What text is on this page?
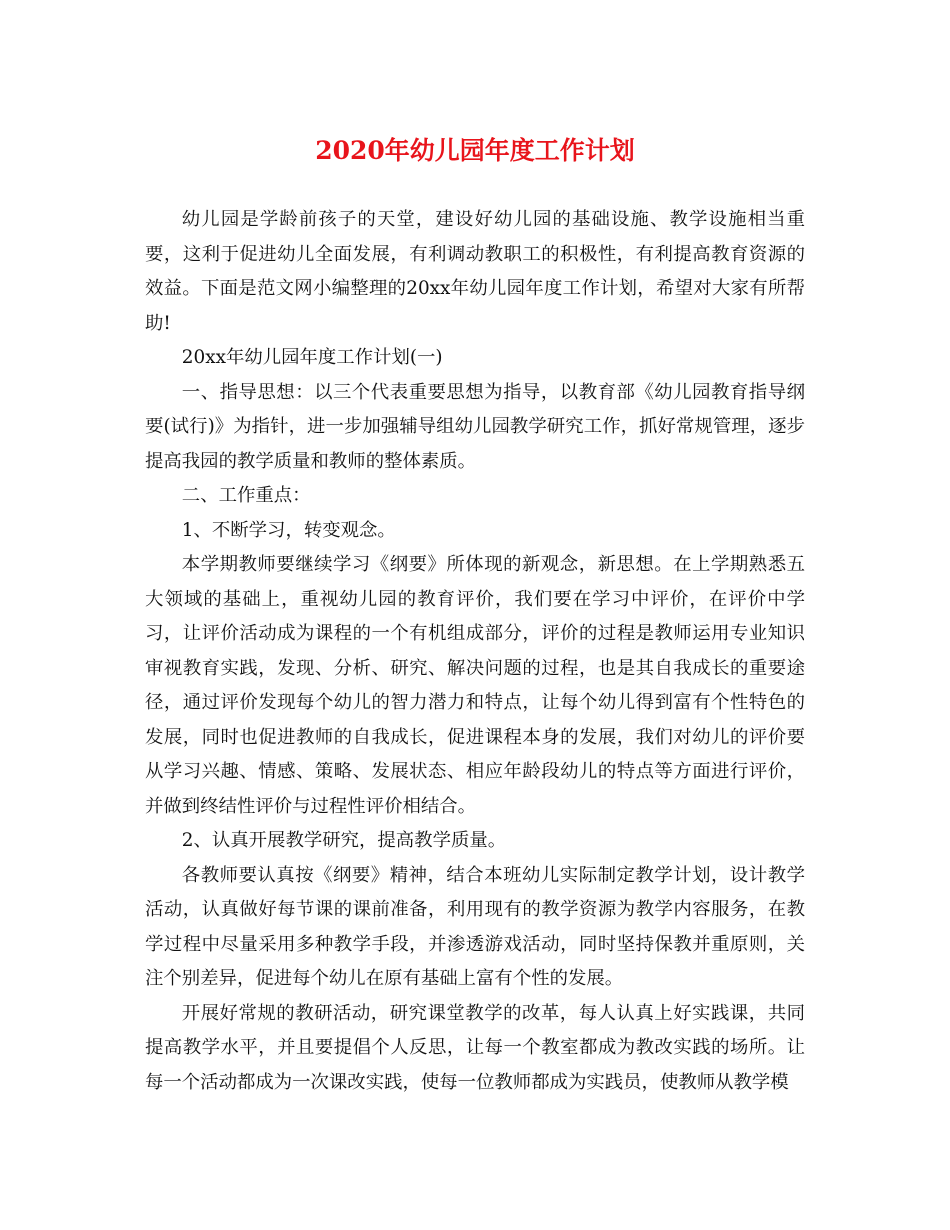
2020年幼儿园年度工作计划

幼儿园是学龄前孩子的天堂，建设好幼儿园的基础设施、教学设施相当重要，这利于促进幼儿全面发展，有利调动教职工的积极性，有利提高教育资源的效益。下面是范文网小编整理的20xx年幼儿园年度工作计划，希望对大家有所帮助!

20xx年幼儿园年度工作计划(一)

一、指导思想：以三个代表重要思想为指导，以教育部《幼儿园教育指导纲要(试行)》为指针，进一步加强辅导组幼儿园教学研究工作，抓好常规管理，逐步提高我园的教学质量和教师的整体素质。

二、工作重点：

1、不断学习，转变观念。

本学期教师要继续学习《纲要》所体现的新观念，新思想。在上学期熟悉五大领域的基础上，重视幼儿园的教育评价，我们要在学习中评价，在评价中学习，让评价活动成为课程的一个有机组成部分，评价的过程是教师运用专业知识审视教育实践，发现、分析、研究、解决问题的过程，也是其自我成长的重要途径，通过评价发现每个幼儿的智力潜力和特点，让每个幼儿得到富有个性特色的发展，同时也促进教师的自我成长，促进课程本身的发展，我们对幼儿的评价要从学习兴趣、情感、策略、发展状态、相应年龄段幼儿的特点等方面进行评价，并做到终结性评价与过程性评价相结合。

2、认真开展教学研究，提高教学质量。

各教师要认真按《纲要》精神，结合本班幼儿实际制定教学计划，设计教学活动，认真做好每节课的课前准备，利用现有的教学资源为教学内容服务，在教学过程中尽量采用多种教学手段，并渗透游戏活动，同时坚持保教并重原则，关注个别差异，促进每个幼儿在原有基础上富有个性的发展。

开展好常规的教研活动，研究课堂教学的改革，每人认真上好实践课，共同提高教学水平，并且要提倡个人反思，让每一个教室都成为教改实践的场所。让每一个活动都成为一次课改实践，使每一位教师都成为实践员，使教师从教学模
